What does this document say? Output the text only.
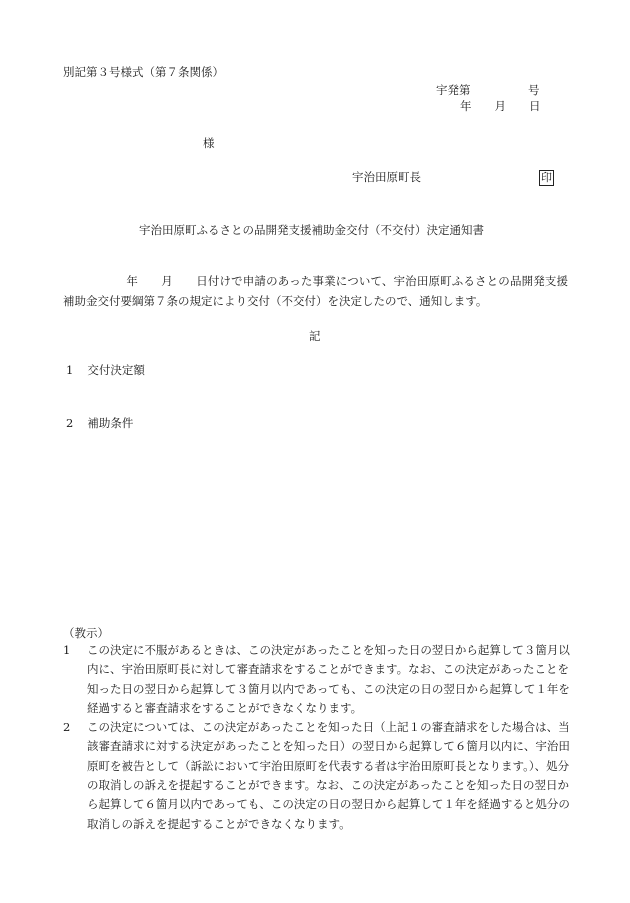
別記第３号様式（第７条関係）
宇発第　　　　　号
年　　月　　日
様
宇治田原町長	印
宇治田原町ふるさとの品開発支援補助金交付（不交付）決定通知書

　年　　月　　日付けで申請のあった事業について、宇治田原町ふるさとの品開発支援補助金交付要綱第７条の規定により交付（不交付）を決定したので、通知します。

記
1 交付決定額
2 補助条件
（教示）
1	この決定に不服があるときは、この決定があったことを知った日の翌日から起算して３箇月以内に、宇治田原町長に対して審査請求をすることができます。なお、この決定があったことを知った日の翌日から起算して３箇月以内であっても、この決定の日の翌日から起算して１年を経過すると審査請求をすることができなくなります。
2	この決定については、この決定があったことを知った日（上記１の審査請求をした場合は、当該審査請求に対する決定があったことを知った日）の翌日から起算して６箇月以内に、宇治田原町を被告として（訴訟において宇治田原町を代表する者は宇治田原町長となります。）、処分の取消しの訴えを提起することができます。なお、この決定があったことを知った日の翌日から起算して６箇月以内であっても、この決定の日の翌日から起算して１年を経過すると処分の取消しの訴えを提起することができなくなります。
